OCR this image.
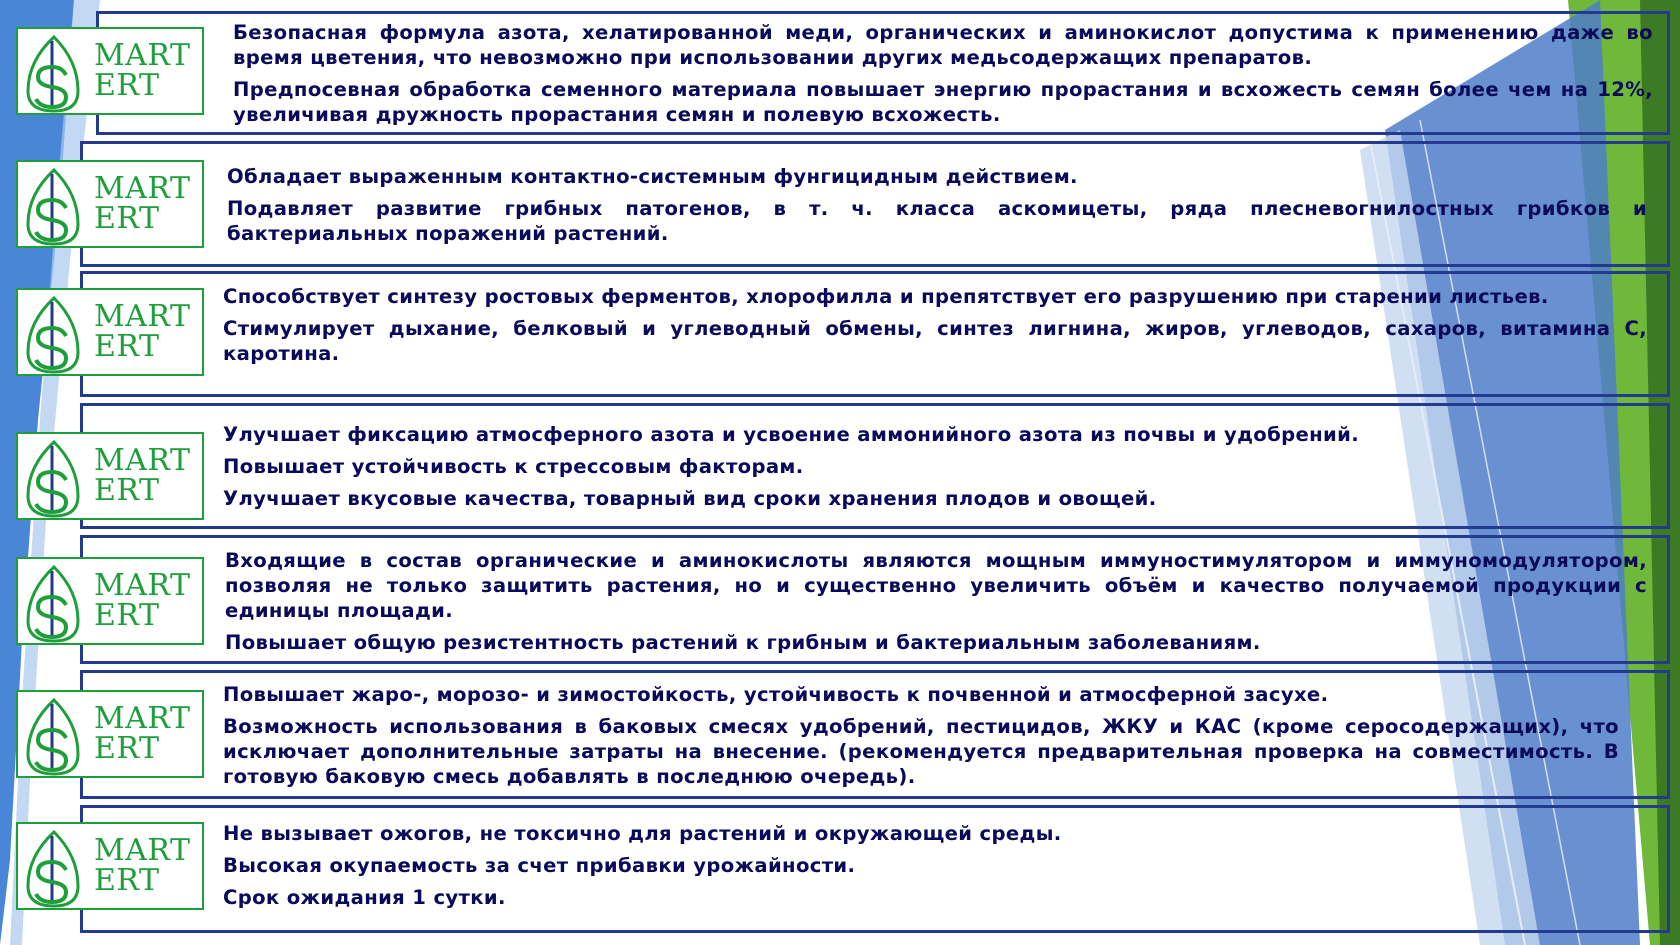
MART
ERT

Безопасная формула азота, хелатированной меди, органических и аминокислот допустима к применению даже во время цветения, что невозможно при использовании других медьсодержащих препаратов.

Предпосевная обработка семенного материала повышает энергию прорастания и всхожесть семян более чем на 12%, увеличивая дружность прорастания семян и полевую всхожесть.

MART
ERT

Обладает выраженным контактно-системным фунгицидным действием.

Подавляет развитие грибных патогенов, в т. ч. класса аскомицеты, ряда плесневогнилостных грибков и бактериальных поражений растений.

MART
ERT

Способствует синтезу ростовых ферментов, хлорофилла и препятствует его разрушению при старении листьев.

Стимулирует дыхание, белковый и углеводный обмены, синтез лигнина, жиров, углеводов, сахаров, витамина С, каротина.

MART
ERT

Улучшает фиксацию атмосферного азота и усвоение аммонийного азота из почвы и удобрений.

Повышает устойчивость к стрессовым факторам.

Улучшает вкусовые качества, товарный вид сроки хранения плодов и овощей.

MART
ERT

Входящие в состав органические и аминокислоты являются мощным иммуностимулятором и иммуномодулятором, позволяя не только защитить растения, но и существенно увеличить объём и качество получаемой продукции с единицы площади.

Повышает общую резистентность растений к грибным и бактериальным заболеваниям.

MART
ERT

Повышает жаро-, морозо- и зимостойкость, устойчивость к почвенной и атмосферной засухе.

Возможность использования в баковых смесях удобрений, пестицидов, ЖКУ и КАС (кроме серосодержащих), что исключает дополнительные затраты на внесение. (рекомендуется предварительная проверка на совместимость. В готовую баковую смесь добавлять в последнюю очередь).

MART
ERT

Не вызывает ожогов, не токсично для растений и окружающей среды.

Высокая окупаемость за счет прибавки урожайности.

Срок ожидания 1 сутки.
